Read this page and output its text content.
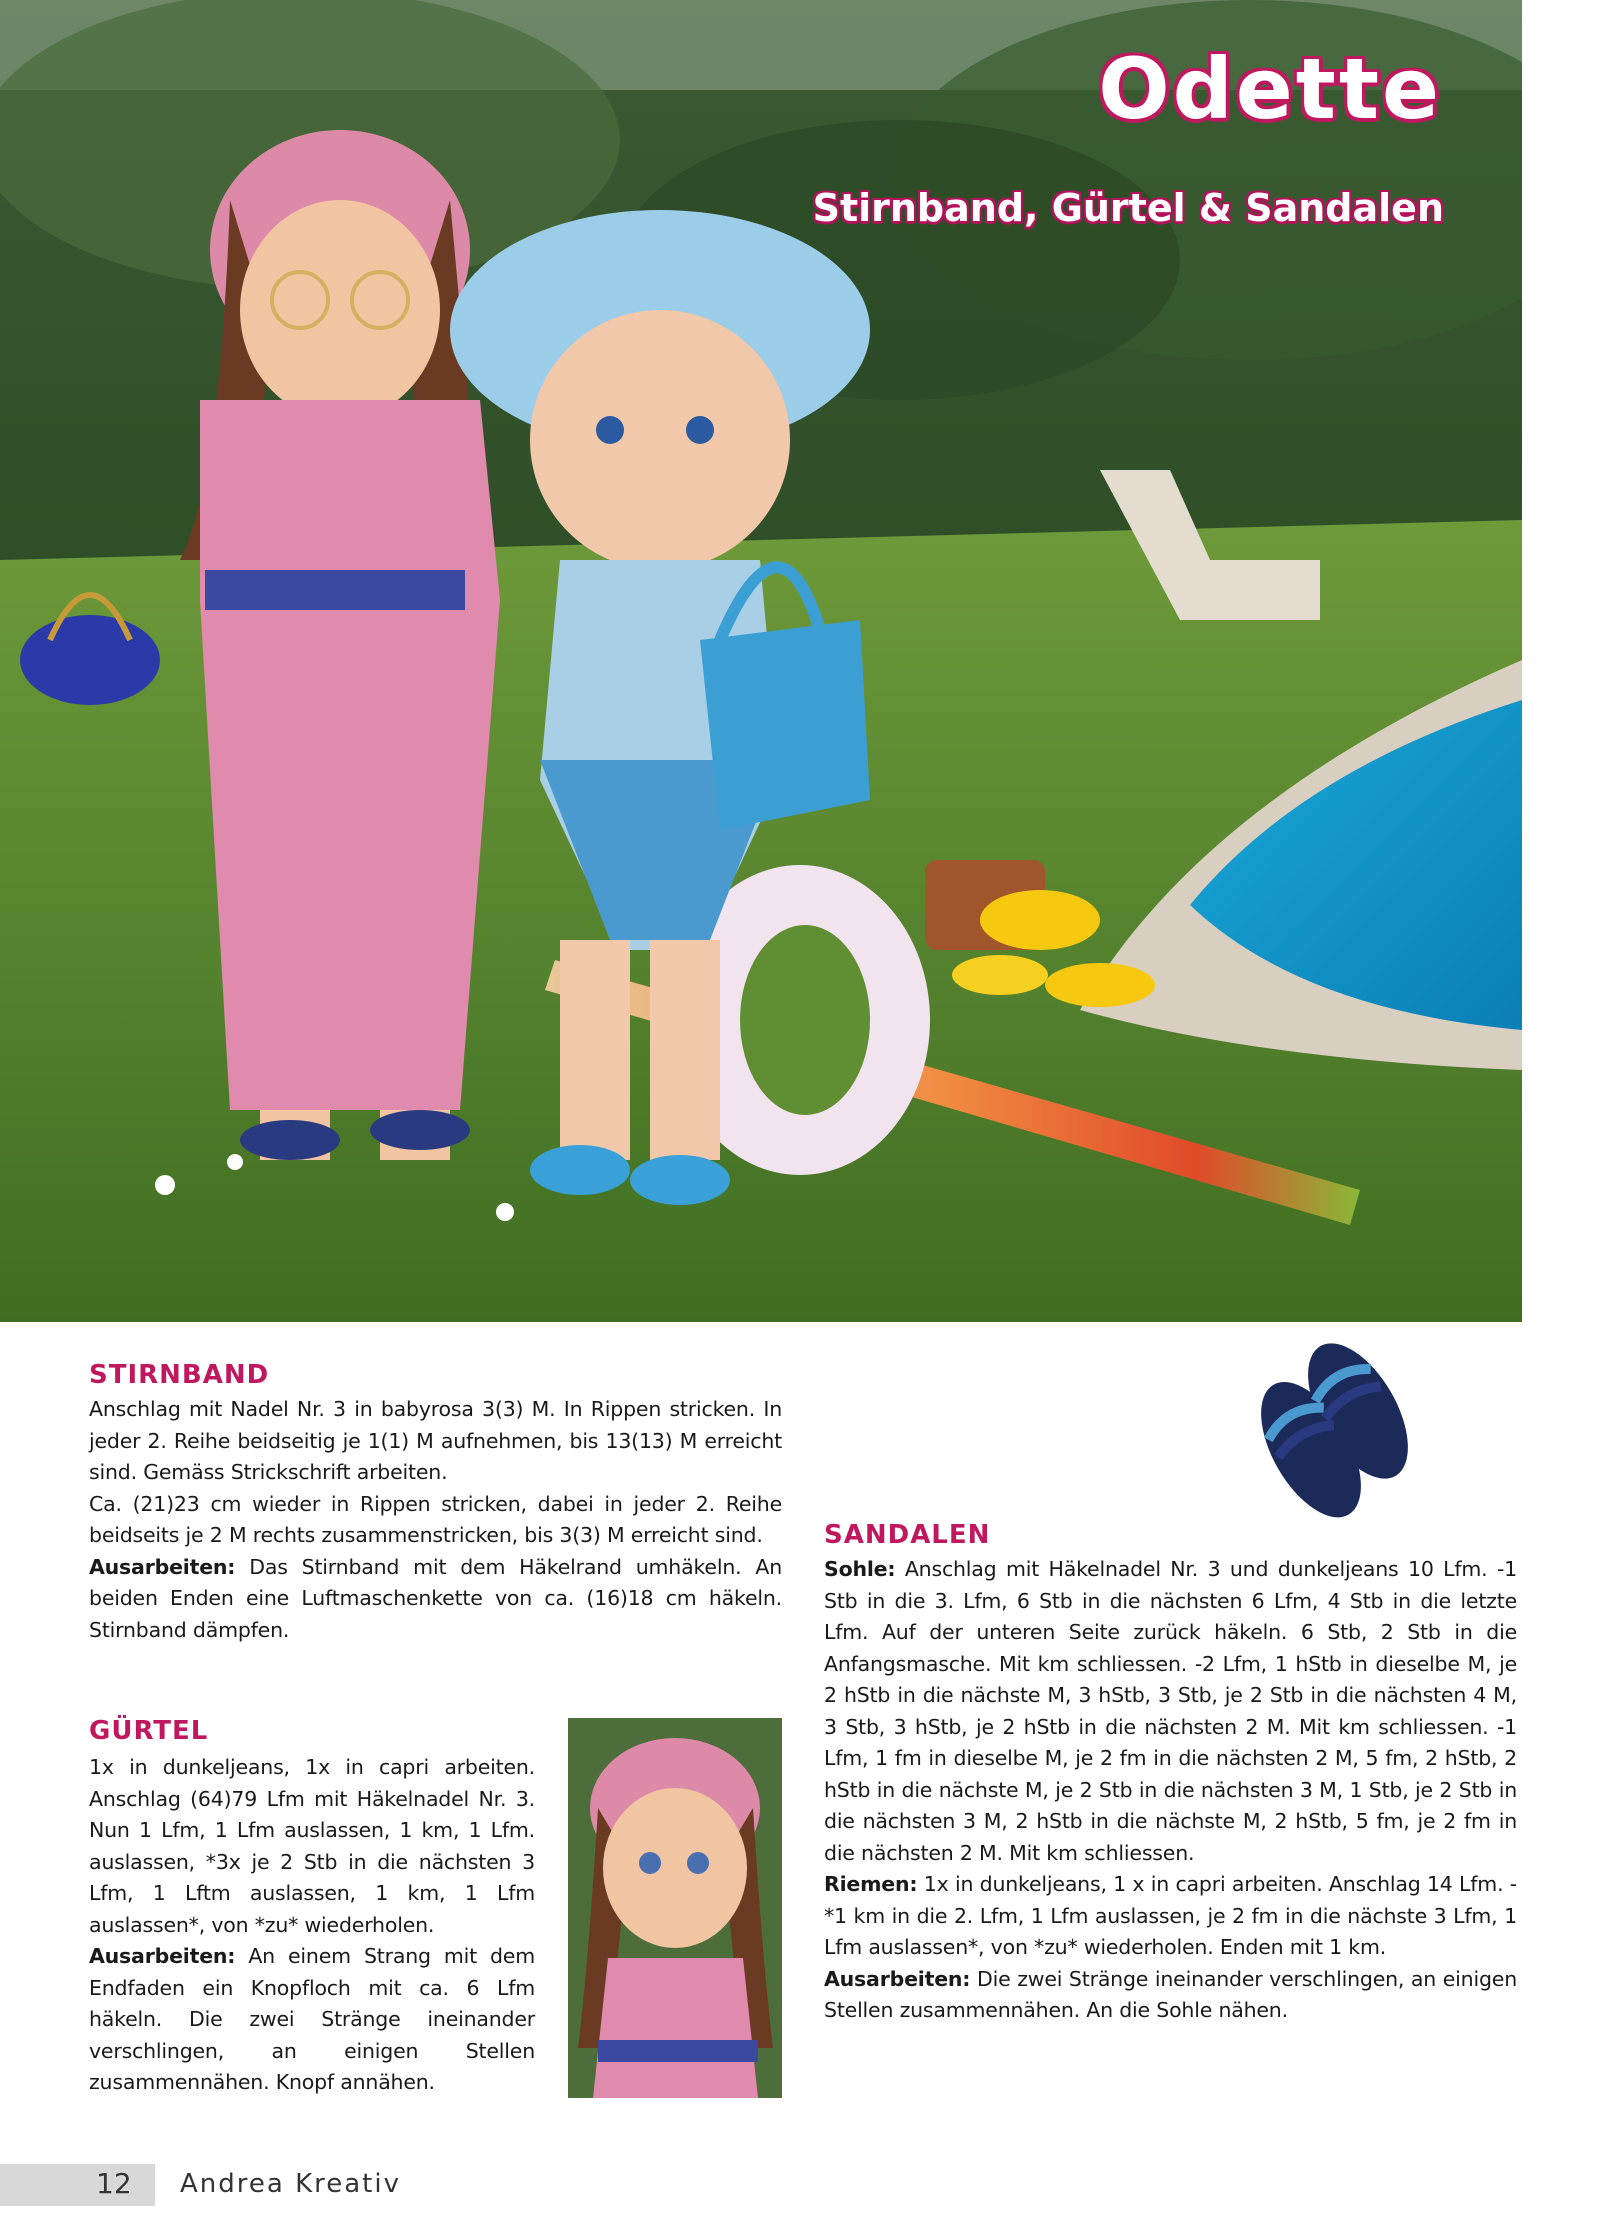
Odette
Stirnband, Gürtel & Sandalen
STIRNBAND

Anschlag mit Nadel Nr. 3 in babyrosa 3(3) M. In Rippen stricken. In jeder 2. Reihe beidseitig je 1(1) M aufnehmen, bis 13(13) M erreicht sind. Gemäss Strickschrift arbeiten.

Ca. (21)23 cm wieder in Rippen stricken, dabei in jeder 2. Reihe beidseits je 2 M rechts zusammenstricken, bis 3(3) M erreicht sind.

Ausarbeiten: Das Stirnband mit dem Häkelrand umhäkeln. An beiden Enden eine Luftmaschenkette von ca. (16)18 cm häkeln. Stirnband dämpfen.

GÜRTEL

1x in dunkeljeans, 1x in capri arbeiten. Anschlag (64)79 Lfm mit Häkelnadel Nr. 3. Nun 1 Lfm, 1 Lfm auslassen, 1 km, 1 Lfm. auslassen, *3x je 2 Stb in die nächsten 3 Lfm, 1 Lftm auslassen, 1 km, 1 Lfm auslassen*, von *zu* wiederholen.

Ausarbeiten: An einem Strang mit dem Endfaden ein Knopfloch mit ca. 6 Lfm häkeln. Die zwei Stränge ineinander verschlingen, an einigen Stellen zusammennähen. Knopf annähen.

SANDALEN

Sohle: Anschlag mit Häkelnadel Nr. 3 und dunkeljeans 10 Lfm. -1 Stb in die 3. Lfm, 6 Stb in die nächsten 6 Lfm, 4 Stb in die letzte Lfm. Auf der unteren Seite zurück häkeln. 6 Stb, 2 Stb in die Anfangsmasche. Mit km schliessen. -2 Lfm, 1 hStb in dieselbe M, je 2 hStb in die nächste M, 3 hStb, 3 Stb, je 2 Stb in die nächsten 4 M, 3 Stb, 3 hStb, je 2 hStb in die nächsten 2 M. Mit km schliessen. -1 Lfm, 1 fm in dieselbe M, je 2 fm in die nächsten 2 M, 5 fm, 2 hStb, 2 hStb in die nächste M, je 2 Stb in die nächsten 3 M, 1 Stb, je 2 Stb in die nächsten 3 M, 2 hStb in die nächste M, 2 hStb, 5 fm, je 2 fm in die nächsten 2 M. Mit km schliessen.

Riemen: 1x in dunkeljeans, 1 x in capri arbeiten. Anschlag 14 Lfm. -*1 km in die 2. Lfm, 1 Lfm auslassen, je 2 fm in die nächste 3 Lfm, 1 Lfm auslassen*, von *zu* wiederholen. Enden mit 1 km.

Ausarbeiten: Die zwei Stränge ineinander verschlingen, an einigen Stellen zusammennähen. An die Sohle nähen.

12 Andrea Kreativ
